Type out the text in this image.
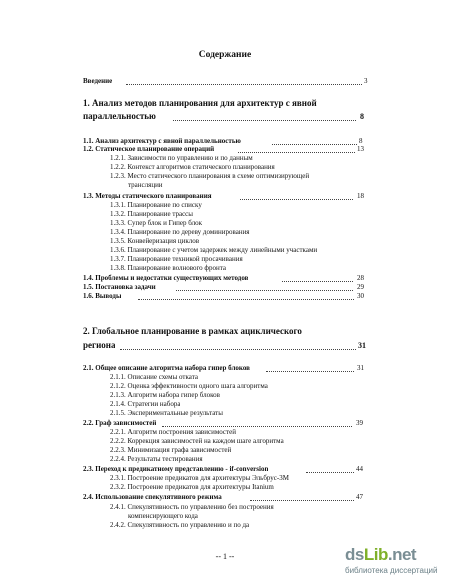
Содержание
Введение	3
1. Анализ методов планирования для архитектур с явной
параллельностью	8
1.1. Анализ архитектур с явной параллельностью	8
1.2. Статическое планирование операций	13
1.2.1. Зависимости по управлению и по данным
1.2.2. Контекст алгоритмов статического планирования
1.2.3. Место статического планирования в схеме оптимизирующей
трансляции
1.3. Методы статического планирования	18
1.3.1. Планирование по списку
1.3.2. Планирование трассы
1.3.3. Супер блок и Гипер блок
1.3.4. Планирование по дереву доминирования
1.3.5. Конвейеризация циклов
1.3.6. Планирование с учетом задержек между линейными участками
1.3.7. Планирование техникой просачивания
1.3.8. Планирование волнового фронта
1.4. Проблемы и недостатки существующих методов	28
1.5. Постановка задачи	29
1.6. Выводы	30
2. Глобальное планирование в рамках ациклического
региона	31
2.1. Общее описание алгоритма набора гипер блоков	31
2.1.1. Описание схемы отката
2.1.2. Оценка эффективности одного шага алгоритма
2.1.3. Алгоритм набора гипер блоков
2.1.4. Стратегии набора
2.1.5. Экспериментальные результаты
2.2. Граф зависимостей	39
2.2.1. Алгоритм построения зависимостей
2.2.2. Коррекция зависимостей на каждом шаге алгоритма
2.2.3. Минимизация графа зависимостей
2.2.4. Результаты тестирования
2.3. Переход к предикатному представлению - if-conversion	44
2.3.1. Построение предикатов для архитектуры Эльбрус-3М
2.3.2. Построение предикатов для архитектуры Itanium
2.4. Использование спекулятивного режима	47
2.4.1. Спекулятивность по управлению без построения
компенсирующего кода
2.4.2. Спекулятивность по управлению и по да
-- 1 --	dsLib.net
библиотека диссертаций
